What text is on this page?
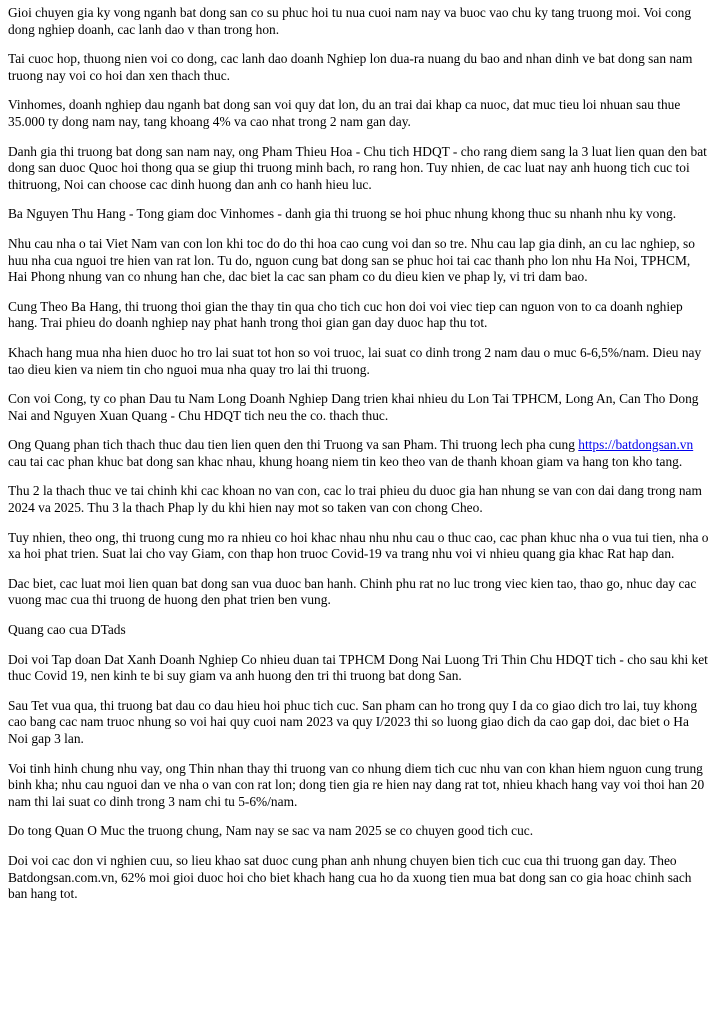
Gioi chuyen gia ky vong nganh bat dong san co su phuc hoi tu nua cuoi nam nay va buoc vao chu ky tang truong moi. Voi cong dong nghiep doanh, cac lanh dao v than trong hon.

Tai cuoc hop, thuong nien voi co dong, cac lanh dao doanh Nghiep lon dua-ra nuang du bao and nhan dinh ve bat dong san nam truong nay voi co hoi dan xen thach thuc.

Vinhomes, doanh nghiep dau nganh bat dong san voi quy dat lon, du an trai dai khap ca nuoc, dat muc tieu loi nhuan sau thue 35.000 ty dong nam nay, tang khoang 4% va cao nhat trong 2 nam gan day.

Danh gia thi truong bat dong san nam nay, ong Pham Thieu Hoa - Chu tich HDQT - cho rang diem sang la 3 luat lien quan den bat dong san duoc Quoc hoi thong qua se giup thi truong minh bach, ro rang hon. Tuy nhien, de cac luat nay anh huong tich cuc toi thitruong, Noi can choose cac dinh huong dan anh co hanh hieu luc.

Ba Nguyen Thu Hang - Tong giam doc Vinhomes - danh gia thi truong se hoi phuc nhung khong thuc su nhanh nhu ky vong.

Nhu cau nha o tai Viet Nam van con lon khi toc do do thi hoa cao cung voi dan so tre. Nhu cau lap gia dinh, an cu lac nghiep, so huu nha cua nguoi tre hien van rat lon. Tu do, nguon cung bat dong san se phuc hoi tai cac thanh pho lon nhu Ha Noi, TPHCM, Hai Phong nhung van co nhung han che, dac biet la cac san pham co du dieu kien ve phap ly, vi tri dam bao.

Cung Theo Ba Hang, thi truong thoi gian the thay tin qua cho tich cuc hon doi voi viec tiep can nguon von to ca doanh nghiep hang. Trai phieu do doanh nghiep nay phat hanh trong thoi gian gan day duoc hap thu tot.

Khach hang mua nha hien duoc ho tro lai suat tot hon so voi truoc, lai suat co dinh trong 2 nam dau o muc 6-6,5%/nam. Dieu nay tao dieu kien va niem tin cho nguoi mua nha quay tro lai thi truong.

Con voi Cong, ty co phan Dau tu Nam Long Doanh Nghiep Dang trien khai nhieu du Lon Tai TPHCM, Long An, Can Tho Dong Nai and Nguyen Xuan Quang - Chu HDQT tich neu the co. thach thuc.

Ong Quang phan tich thach thuc dau tien lien quen den thi Truong va san Pham. Thi truong lech pha cung https://batdongsan.vn cau tai cac phan khuc bat dong san khac nhau, khung hoang niem tin keo theo van de thanh khoan giam va hang ton kho tang.

Thu 2 la thach thuc ve tai chinh khi cac khoan no van con, cac lo trai phieu du duoc gia han nhung se van con dai dang trong nam 2024 va 2025. Thu 3 la thach Phap ly du khi hien nay mot so taken van con chong Cheo.

Tuy nhien, theo ong, thi truong cung mo ra nhieu co hoi khac nhau nhu nhu cau o thuc cao, cac phan khuc nha o vua tui tien, nha o xa hoi phat trien. Suat lai cho vay Giam, con thap hon truoc Covid-19 va trang nhu voi vi nhieu quang gia khac Rat hap dan.

Dac biet, cac luat moi lien quan bat dong san vua duoc ban hanh. Chinh phu rat no luc trong viec kien tao, thao go, nhuc day cac vuong mac cua thi truong de huong den phat trien ben vung.

Quang cao cua DTads

Doi voi Tap doan Dat Xanh Doanh Nghiep Co nhieu duan tai TPHCM Dong Nai Luong Tri Thin Chu HDQT tich - cho sau khi ket thuc Covid 19, nen kinh te bi suy giam va anh huong den tri thi truong bat dong San.

Sau Tet vua qua, thi truong bat dau co dau hieu hoi phuc tich cuc. San pham can ho trong quy I da co giao dich tro lai, tuy khong cao bang cac nam truoc nhung so voi hai quy cuoi nam 2023 va quy I/2023 thi so luong giao dich da cao gap doi, dac biet o Ha Noi gap 3 lan.

Voi tinh hinh chung nhu vay, ong Thin nhan thay thi truong van co nhung diem tich cuc nhu van con khan hiem nguon cung trung binh kha; nhu cau nguoi dan ve nha o van con rat lon; dong tien gia re hien nay dang rat tot, nhieu khach hang vay voi thoi han 20 nam thi lai suat co dinh trong 3 nam chi tu 5-6%/nam.

Do tong Quan O Muc the truong chung, Nam nay se sac va nam 2025 se co chuyen good tich cuc.

Doi voi cac don vi nghien cuu, so lieu khao sat duoc cung phan anh nhung chuyen bien tich cuc cua thi truong gan day. Theo Batdongsan.com.vn, 62% moi gioi duoc hoi cho biet khach hang cua ho da xuong tien mua bat dong san co gia hoac chinh sach ban hang tot.
